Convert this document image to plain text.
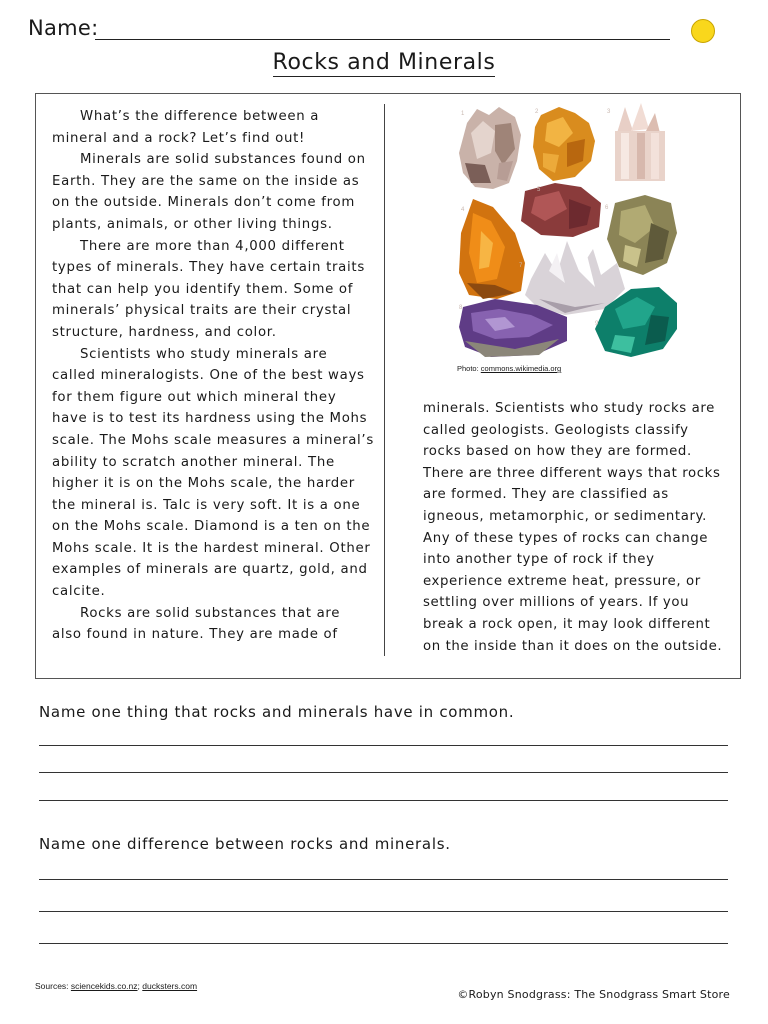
Name:
Rocks and Minerals

What’s the difference between a mineral and a rock? Let’s find out!

Minerals are solid substances found on Earth. They are the same on the inside as on the outside. Minerals don’t come from plants, animals, or other living things.

There are more than 4,000 different types of minerals. They have certain traits that can help you identify them. Some of minerals’ physical traits are their crystal structure, hardness, and color.

Scientists who study minerals are called mineralogists. One of the best ways for them figure out which mineral they have is to test its hardness using the Mohs scale. The Mohs scale measures a mineral’s ability to scratch another mineral. The higher it is on the Mohs scale, the harder the mineral is. Talc is very soft. It is a one on the Mohs scale. Diamond is a ten on the Mohs scale. It is the hardest mineral. Other examples of minerals are quartz, gold, and calcite.

Rocks are solid substances that are also found in nature. They are made of

minerals. Scientists who study rocks are called geologists. Geologists classify rocks based on how they are formed. There are three different ways that rocks are formed. They are classified as igneous, metamorphic, or sedimentary. Any of these types of rocks can change into another type of rock if they experience extreme heat, pressure, or settling over millions of years. If you break a rock open, it may look different on the inside than it does on the outside.

1	2	3
4
5
6
7
8
9
Photo: commons.wikimedia.org
Name one thing that rocks and minerals have in common.
Name one difference between rocks and minerals.
Sources: sciencekids.co.nz; ducksters.com
©Robyn Snodgrass: The Snodgrass Smart Store
